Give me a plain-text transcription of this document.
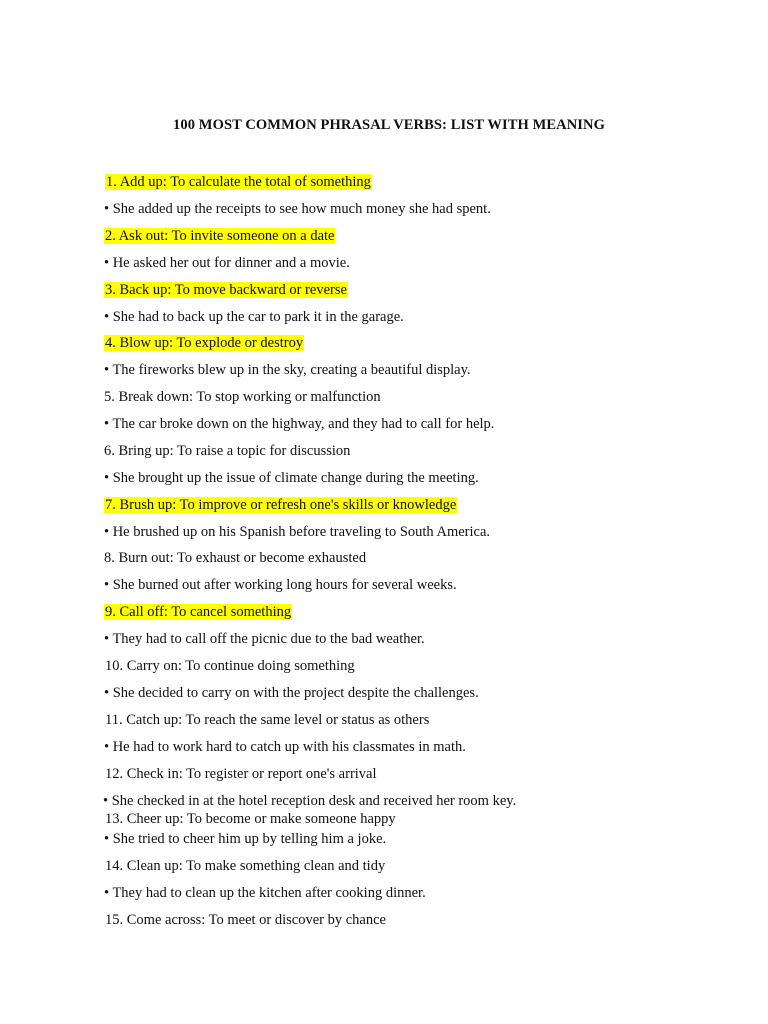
100 MOST COMMON PHRASAL VERBS: LIST WITH MEANING
1. Add up: To calculate the total of something
• She added up the receipts to see how much money she had spent.
2. Ask out: To invite someone on a date
• He asked her out for dinner and a movie.
3. Back up: To move backward or reverse
• She had to back up the car to park it in the garage.
4. Blow up: To explode or destroy
• The fireworks blew up in the sky, creating a beautiful display.
5. Break down: To stop working or malfunction
• The car broke down on the highway, and they had to call for help.
6. Bring up: To raise a topic for discussion
• She brought up the issue of climate change during the meeting.
7. Brush up: To improve or refresh one's skills or knowledge
• He brushed up on his Spanish before traveling to South America.
8. Burn out: To exhaust or become exhausted
• She burned out after working long hours for several weeks.
9. Call off: To cancel something
• They had to call off the picnic due to the bad weather.
10. Carry on: To continue doing something
• She decided to carry on with the project despite the challenges.
11. Catch up: To reach the same level or status as others
• He had to work hard to catch up with his classmates in math.
12. Check in: To register or report one's arrival
• She checked in at the hotel reception desk and received her room key.
13. Cheer up: To become or make someone happy
• She tried to cheer him up by telling him a joke.
14. Clean up: To make something clean and tidy
• They had to clean up the kitchen after cooking dinner.
15. Come across: To meet or discover by chance
